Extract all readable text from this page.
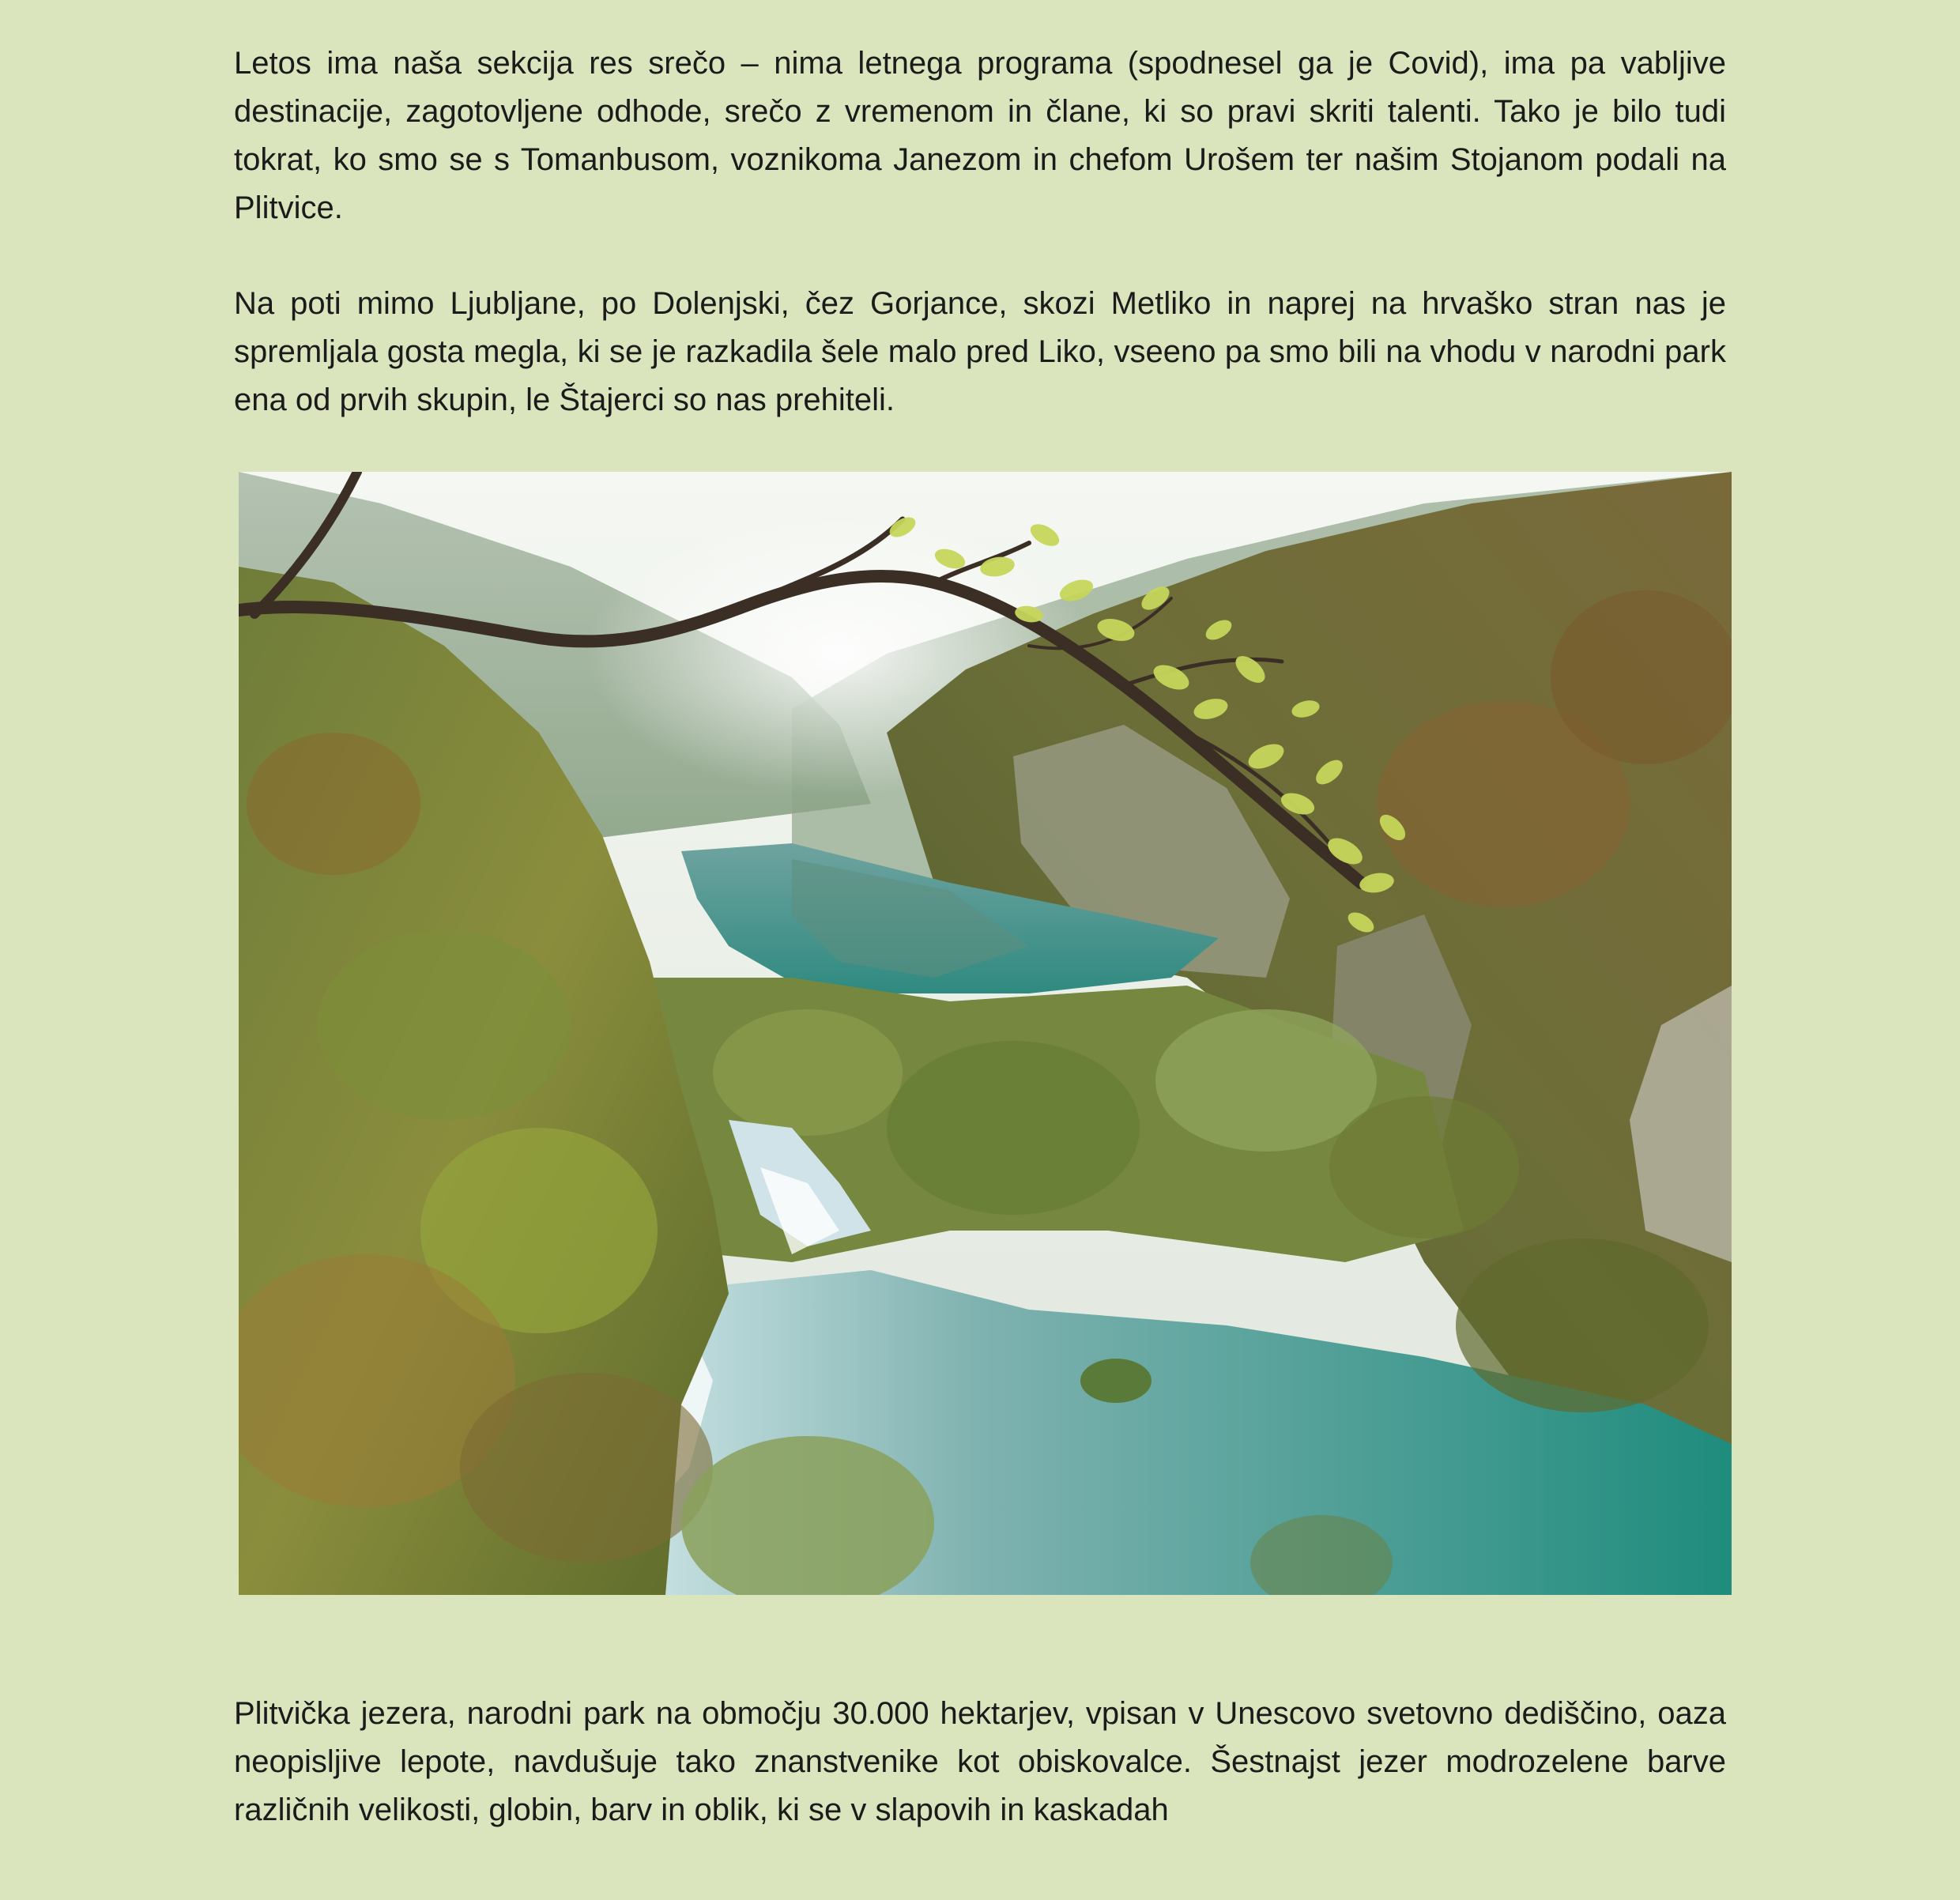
Letos ima naša sekcija res srečo – nima letnega programa (spodnesel ga je Covid), ima pa vabljive destinacije, zagotovljene odhode, srečo z vremenom in člane, ki so pravi skriti talenti. Tako je bilo tudi tokrat, ko smo se s Tomanbusom, voznikoma Janezom in chefom Urošem ter našim Stojanom podali na Plitvice.

Na poti mimo Ljubljane, po Dolenjski, čez Gorjance, skozi Metliko in naprej na hrvaško stran nas je spremljala gosta megla, ki se je razkadila šele malo pred Liko, vseeno pa smo bili na vhodu v narodni park ena od prvih skupin, le Štajerci so nas prehiteli.

Plitvička jezera, narodni park na območju 30.000 hektarjev, vpisan v Unescovo svetovno dediščino, oaza neopisljive lepote, navdušuje tako znanstvenike kot obiskovalce. Šestnajst jezer modrozelene barve različnih velikosti, globin, barv in oblik, ki se v slapovih in kaskadah
